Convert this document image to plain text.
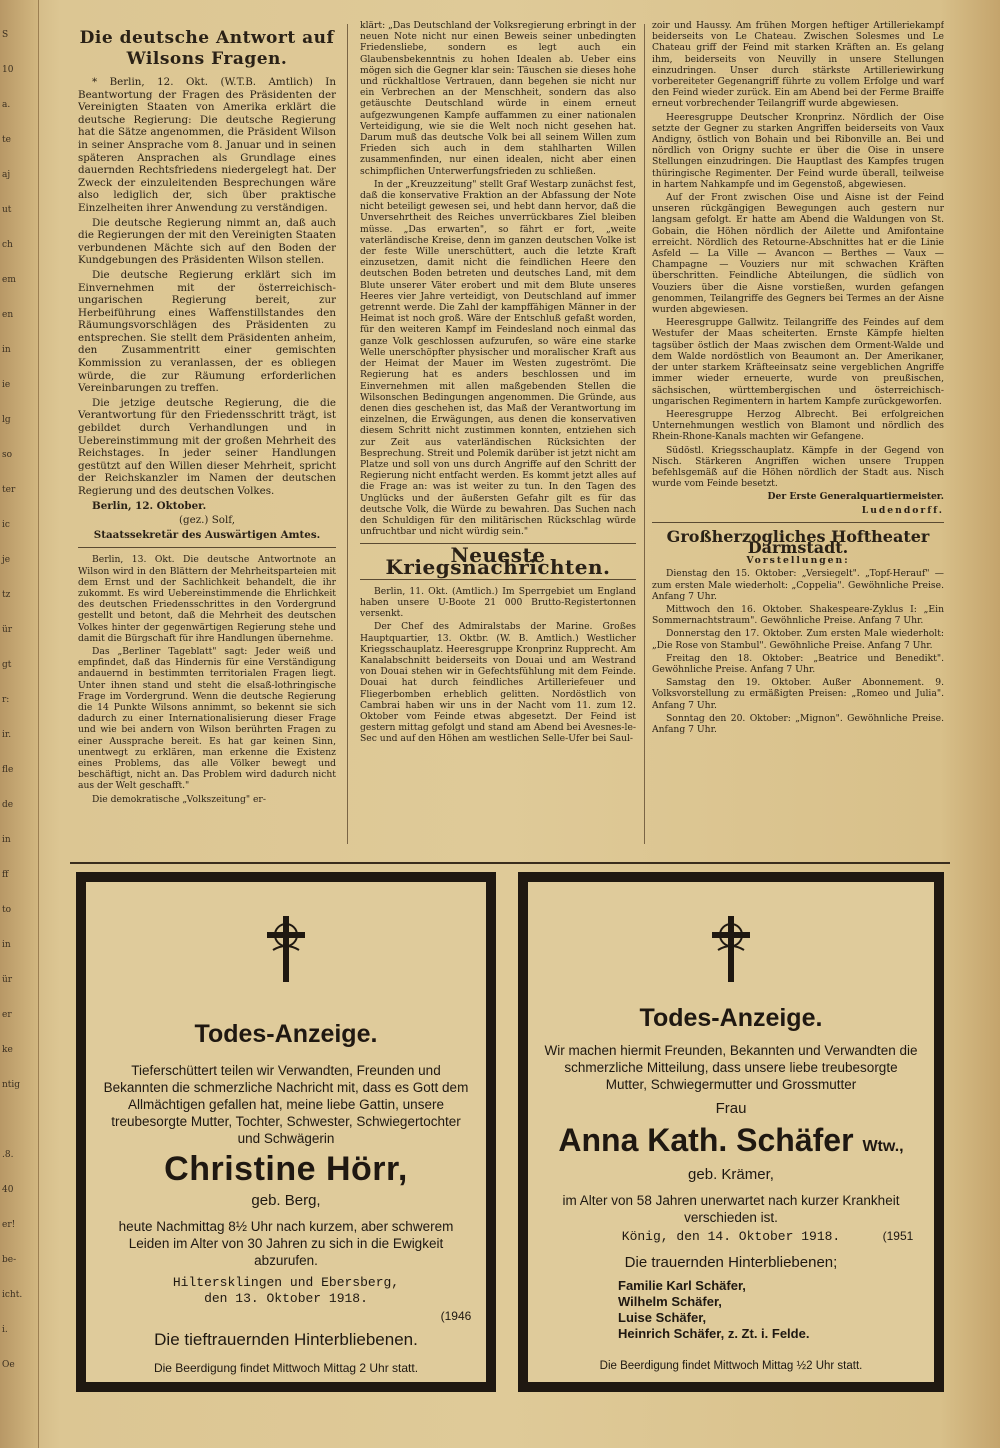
S
10
a.
te
aj
ut
ch
em
en
in
ie
lg
so
ter
ic
je
tz
ür
gt
r:
ir.
fle
de
in
ff
to
in
ür
er
ke
ntig
.8.
40
er!
be-
icht.
i.
Oe
Die deutsche Antwort auf Wilsons Fragen.

* Berlin, 12. Okt. (W.T.B. Amtlich) In Beantwortung der Fragen des Präsidenten der Vereinigten Staaten von Amerika erklärt die deutsche Regierung: Die deutsche Regierung hat die Sätze angenommen, die Präsident Wilson in seiner Ansprache vom 8. Januar und in seinen späteren Ansprachen als Grundlage eines dauernden Rechtsfriedens niedergelegt hat. Der Zweck der einzuleitenden Besprechungen wäre also lediglich der, sich über praktische Einzelheiten ihrer Anwendung zu verständigen.

Die deutsche Regierung nimmt an, daß auch die Regierungen der mit den Vereinigten Staaten verbundenen Mächte sich auf den Boden der Kundgebungen des Präsidenten Wilson stellen.

Die deutsche Regierung erklärt sich im Einvernehmen mit der österreichisch-ungarischen Regierung bereit, zur Herbeiführung eines Waffenstillstandes den Räumungsvorschlägen des Präsidenten zu entsprechen. Sie stellt dem Präsidenten anheim, den Zusammentritt einer gemischten Kommission zu veranlassen, der es obliegen würde, die zur Räumung erforderlichen Vereinbarungen zu treffen.

Die jetzige deutsche Regierung, die die Verantwortung für den Friedensschritt trägt, ist gebildet durch Verhandlungen und in Uebereinstimmung mit der großen Mehrheit des Reichstages. In jeder seiner Handlungen gestützt auf den Willen dieser Mehrheit, spricht der Reichskanzler im Namen der deutschen Regierung und des deutschen Volkes.

Berlin, 12. Oktober.

(gez.) Solf,

Staatssekretär des Auswärtigen Amtes.

Berlin, 13. Okt. Die deutsche Antwortnote an Wilson wird in den Blättern der Mehrheitsparteien mit dem Ernst und der Sachlichkeit behandelt, die ihr zukommt. Es wird Uebereinstimmende die Ehrlichkeit des deutschen Friedensschrittes in den Vordergrund gestellt und betont, daß die Mehrheit des deutschen Volkes hinter der gegenwärtigen Regierung stehe und damit die Bürgschaft für ihre Handlungen übernehme.

Das „Berliner Tageblatt" sagt: Jeder weiß und empfindet, daß das Hindernis für eine Verständigung andauernd in bestimmten territorialen Fragen liegt. Unter ihnen stand und steht die elsaß-lothringische Frage im Vordergrund. Wenn die deutsche Regierung die 14 Punkte Wilsons annimmt, so bekennt sie sich dadurch zu einer Internationalisierung dieser Frage und wie bei andern von Wilson berührten Fragen zu einer Aussprache bereit. Es hat gar keinen Sinn, unentwegt zu erklären, man erkenne die Existenz eines Problems, das alle Völker bewegt und beschäftigt, nicht an. Das Problem wird dadurch nicht aus der Welt geschafft."

Die demokratische „Volkszeitung" er-

klärt: „Das Deutschland der Volksregierung erbringt in der neuen Note nicht nur einen Beweis seiner unbedingten Friedensliebe, sondern es legt auch ein Glaubensbekenntnis zu hohen Idealen ab. Ueber eins mögen sich die Gegner klar sein: Täuschen sie dieses hohe und rückhaltlose Vertrauen, dann begehen sie nicht nur ein Verbrechen an der Menschheit, sondern das also getäuschte Deutschland würde in einem erneut aufgezwungenen Kampfe auffammen zu einer nationalen Verteidigung, wie sie die Welt noch nicht gesehen hat. Darum muß das deutsche Volk bei all seinem Willen zum Frieden sich auch in dem stahlharten Willen zusammenfinden, nur einen idealen, nicht aber einen schimpflichen Unterwerfungsfrieden zu schließen.

In der „Kreuzzeitung" stellt Graf Westarp zunächst fest, daß die konservative Fraktion an der Abfassung der Note nicht beteiligt gewesen sei, und hebt dann hervor, daß die Unversehrtheit des Reiches unverrückbares Ziel bleiben müsse. „Das erwarten", so fährt er fort, „weite vaterländische Kreise, denn im ganzen deutschen Volke ist der feste Wille unerschüttert, auch die letzte Kraft einzusetzen, damit nicht die feindlichen Heere den deutschen Boden betreten und deutsches Land, mit dem Blute unserer Väter erobert und mit dem Blute unseres Heeres vier Jahre verteidigt, von Deutschland auf immer getrennt werde. Die Zahl der kampffähigen Männer in der Heimat ist noch groß. Wäre der Entschluß gefaßt worden, für den weiteren Kampf im Feindesland noch einmal das ganze Volk geschlossen aufzurufen, so wäre eine starke Welle unerschöpfter physischer und moralischer Kraft aus der Heimat der Mauer im Westen zugeströmt. Die Regierung hat es anders beschlossen und im Einvernehmen mit allen maßgebenden Stellen die Wilsonschen Bedingungen angenommen. Die Gründe, aus denen dies geschehen ist, das Maß der Verantwortung im einzelnen, die Erwägungen, aus denen die konservativen diesem Schritt nicht zustimmen konnten, entziehen sich zur Zeit aus vaterländischen Rücksichten der Besprechung. Streit und Polemik darüber ist jetzt nicht am Platze und soll von uns durch Angriffe auf den Schritt der Regierung nicht entfacht werden. Es kommt jetzt alles auf die Frage an: was ist weiter zu tun. In den Tagen des Unglücks und der äußersten Gefahr gilt es für das deutsche Volk, die Würde zu bewahren. Das Suchen nach den Schuldigen für den militärischen Rückschlag würde unfruchtbar und nicht würdig sein."

Neueste Kriegsnachrichten.

Berlin, 11. Okt. (Amtlich.) Im Sperrgebiet um England haben unsere U-Boote 21 000 Brutto-Registertonnen versenkt.

Der Chef des Admiralstabs der Marine. Großes Hauptquartier, 13. Oktbr. (W. B. Amtlich.) Westlicher Kriegsschauplatz. Heeresgruppe Kronprinz Rupprecht. Am Kanalabschnitt beiderseits von Douai und am Westrand von Douai stehen wir in Gefechtsfühlung mit dem Feinde. Douai hat durch feindliches Artilleriefeuer und Fliegerbomben erheblich gelitten. Nordöstlich von Cambrai haben wir uns in der Nacht vom 11. zum 12. Oktober vom Feinde etwas abgesetzt. Der Feind ist gestern mittag gefolgt und stand am Abend bei Avesnes-le-Sec und auf den Höhen am westlichen Selle-Ufer bei Saul-

zoir und Haussy. Am frühen Morgen heftiger Artilleriekampf beiderseits von Le Chateau. Zwischen Solesmes und Le Chateau griff der Feind mit starken Kräften an. Es gelang ihm, beiderseits von Neuvilly in unsere Stellungen einzudringen. Unser durch stärkste Artilleriewirkung vorbereiteter Gegenangriff führte zu vollem Erfolge und warf den Feind wieder zurück. Ein am Abend bei der Ferme Braiffe erneut vorbrechender Teilangriff wurde abgewiesen.

Heeresgruppe Deutscher Kronprinz. Nördlich der Oise setzte der Gegner zu starken Angriffen beiderseits von Vaux Andigny, östlich von Bohain und bei Ribonville an. Bei und nördlich von Origny suchte er über die Oise in unsere Stellungen einzudringen. Die Hauptlast des Kampfes trugen thüringische Regimenter. Der Feind wurde überall, teilweise in hartem Nahkampfe und im Gegenstoß, abgewiesen.

Auf der Front zwischen Oise und Aisne ist der Feind unseren rückgängigen Bewegungen auch gestern nur langsam gefolgt. Er hatte am Abend die Waldungen von St. Gobain, die Höhen nördlich der Ailette und Amifontaine erreicht. Nördlich des Retourne-Abschnittes hat er die Linie Asfeld — La Ville — Avancon — Berthes — Vaux — Champagne — Vouziers nur mit schwachen Kräften überschritten. Feindliche Abteilungen, die südlich von Vouziers über die Aisne vorstießen, wurden gefangen genommen, Teilangriffe des Gegners bei Termes an der Aisne wurden abgewiesen.

Heeresgruppe Gallwitz. Teilangriffe des Feindes auf dem Westufer der Maas scheiterten. Ernste Kämpfe hielten tagsüber östlich der Maas zwischen dem Orment-Walde und dem Walde nordöstlich von Beaumont an. Der Amerikaner, der unter starkem Kräfteeinsatz seine vergeblichen Angriffe immer wieder erneuerte, wurde von preußischen, sächsischen, württembergischen und österreichisch-ungarischen Regimentern in hartem Kampfe zurückgeworfen.

Heeresgruppe Herzog Albrecht. Bei erfolgreichen Unternehmungen westlich von Blamont und nördlich des Rhein-Rhone-Kanals machten wir Gefangene.

Südöstl. Kriegsschauplatz. Kämpfe in der Gegend von Nisch. Stärkeren Angriffen wichen unsere Truppen befehlsgemäß auf die Höhen nördlich der Stadt aus. Nisch wurde vom Feinde besetzt.

Der Erste Generalquartiermeister.

Ludendorff.

Großherzogliches Hoftheater Darmstadt.

Vorstellungen:

Dienstag den 15. Oktober: „Versiegelt". „Topf-Herauf" — zum ersten Male wiederholt: „Coppelia". Gewöhnliche Preise. Anfang 7 Uhr.

Mittwoch den 16. Oktober. Shakespeare-Zyklus I: „Ein Sommernachtstraum". Gewöhnliche Preise. Anfang 7 Uhr.

Donnerstag den 17. Oktober. Zum ersten Male wiederholt: „Die Rose von Stambul". Gewöhnliche Preise. Anfang 7 Uhr.

Freitag den 18. Oktober: „Beatrice und Benedikt". Gewöhnliche Preise. Anfang 7 Uhr.

Samstag den 19. Oktober. Außer Abonnement. 9. Volksvorstellung zu ermäßigten Preisen: „Romeo und Julia". Anfang 7 Uhr.

Sonntag den 20. Oktober: „Mignon". Gewöhnliche Preise. Anfang 7 Uhr.

Todes-Anzeige.
Tieferschüttert teilen wir Verwandten, Freunden und Bekannten die schmerzliche Nachricht mit, dass es Gott dem Allmächtigen gefallen hat, meine liebe Gattin, unsere treubesorgte Mutter, Tochter, Schwester, Schwiegertochter und Schwägerin
Christine Hörr,
geb. Berg,
heute Nachmittag 8½ Uhr nach kurzem, aber schwerem Leiden im Alter von 30 Jahren zu sich in die Ewigkeit abzurufen.
Hiltersklingen und Ebersberg,
den 13. Oktober 1918.
(1946
Die tieftrauernden Hinterbliebenen.
Die Beerdigung findet Mittwoch Mittag 2 Uhr statt.
Todes-Anzeige.
Wir machen hiermit Freunden, Bekannten und Verwandten die schmerzliche Mitteilung, dass unsere liebe treubesorgte Mutter, Schwiegermutter und Grossmutter
Frau
Anna Kath. Schäfer Wtw.,
geb. Krämer,
im Alter von 58 Jahren unerwartet nach kurzer Krankheit verschieden ist.
König, den 14. Oktober 1918.	(1951
Die trauernden Hinterbliebenen;
Familie Karl Schäfer,
Wilhelm Schäfer,
Luise Schäfer,
Heinrich Schäfer, z. Zt. i. Felde.
Die Beerdigung findet Mittwoch Mittag ½2 Uhr statt.
